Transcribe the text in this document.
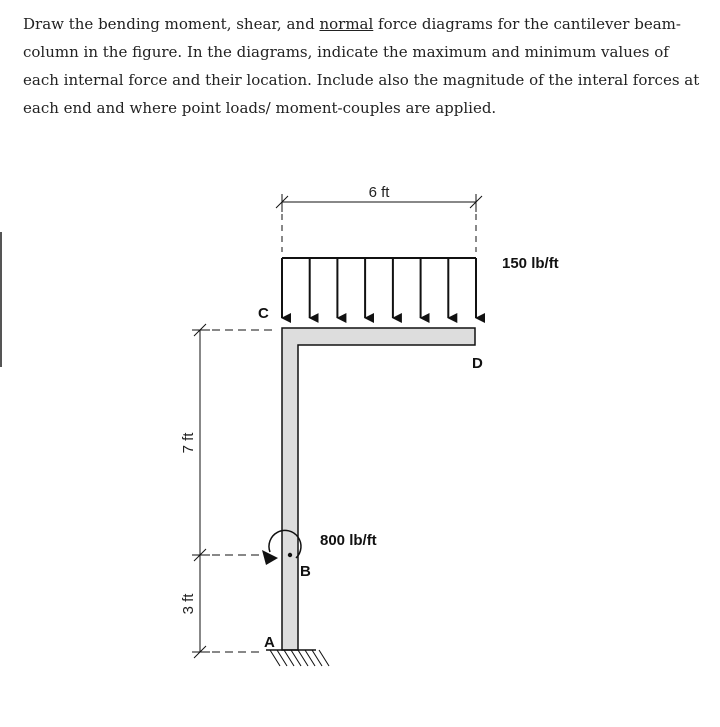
Draw the bending moment, shear, and normal force diagrams for the cantilever beam-column in the figure. In the diagrams, indicate the maximum and minimum values of each internal force and their location. Include also the magnitude of the interal forces at each end and where point loads/ moment-couples are applied.

6 ft
150 lb/ft
C
D
B
A
7 ft
3 ft
800 lb/ft
